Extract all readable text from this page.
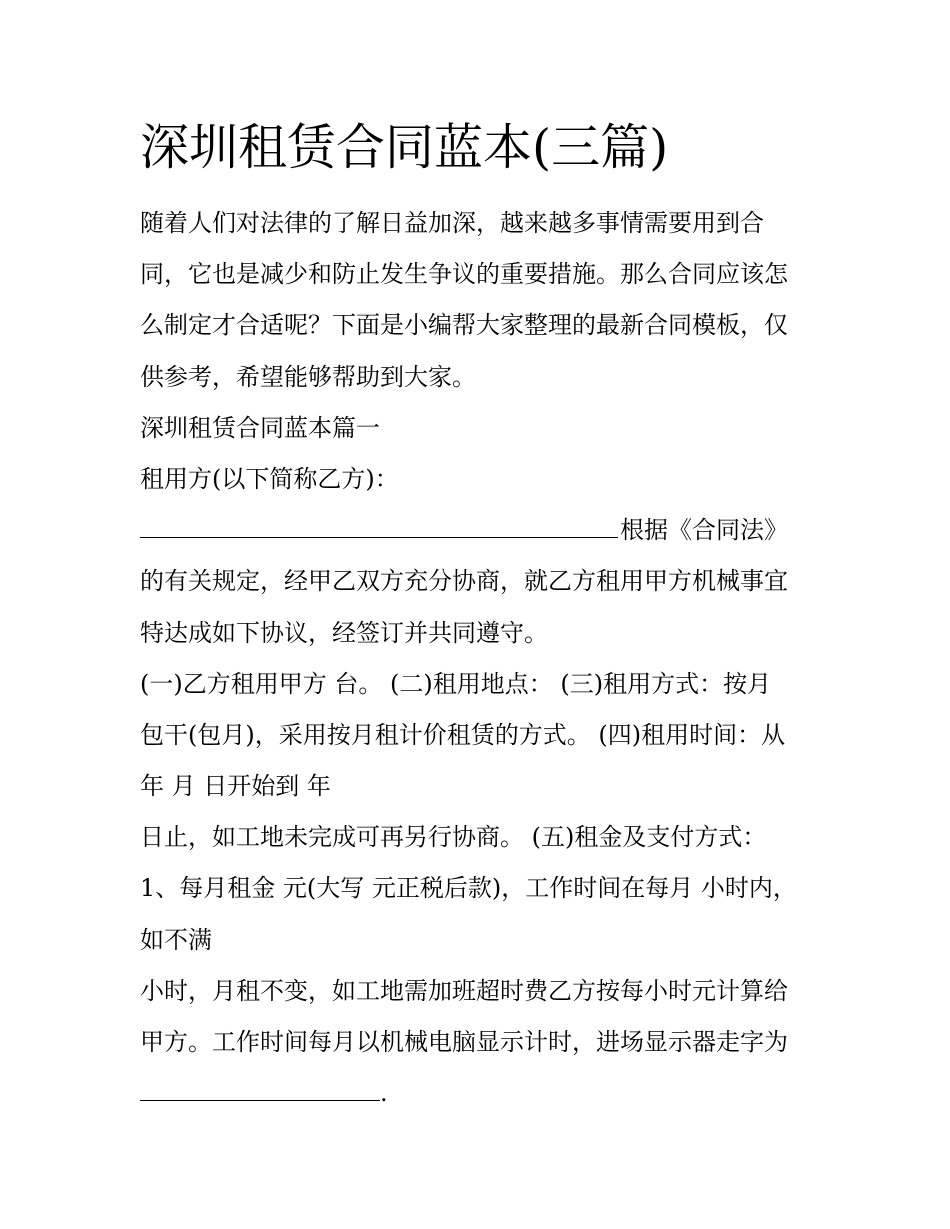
深圳租赁合同蓝本(三篇)
随着人们对法律的了解日益加深，越来越多事情需要用到合
同，它也是减少和防止发生争议的重要措施。那么合同应该怎
么制定才合适呢？下面是小编帮大家整理的最新合同模板，仅
供参考，希望能够帮助到大家。
深圳租赁合同蓝本篇一
租用方(以下简称乙方)：
根据《合同法》
的有关规定，经甲乙双方充分协商，就乙方租用甲方机械事宜
特达成如下协议，经签订并共同遵守。
(一)乙方租用甲方 台。 (二)租用地点： (三)租用方式：按月
包干(包月)，采用按月租计价租赁的方式。 (四)租用时间：从
年 月 日开始到 年
日止，如工地未完成可再另行协商。 (五)租金及支付方式：
1、每月租金 元(大写 元正税后款)，工作时间在每月 小时内，
如不满
小时，月租不变，如工地需加班超时费乙方按每小时元计算给
甲方。工作时间每月以机械电脑显示计时，进场显示器走字为
.
